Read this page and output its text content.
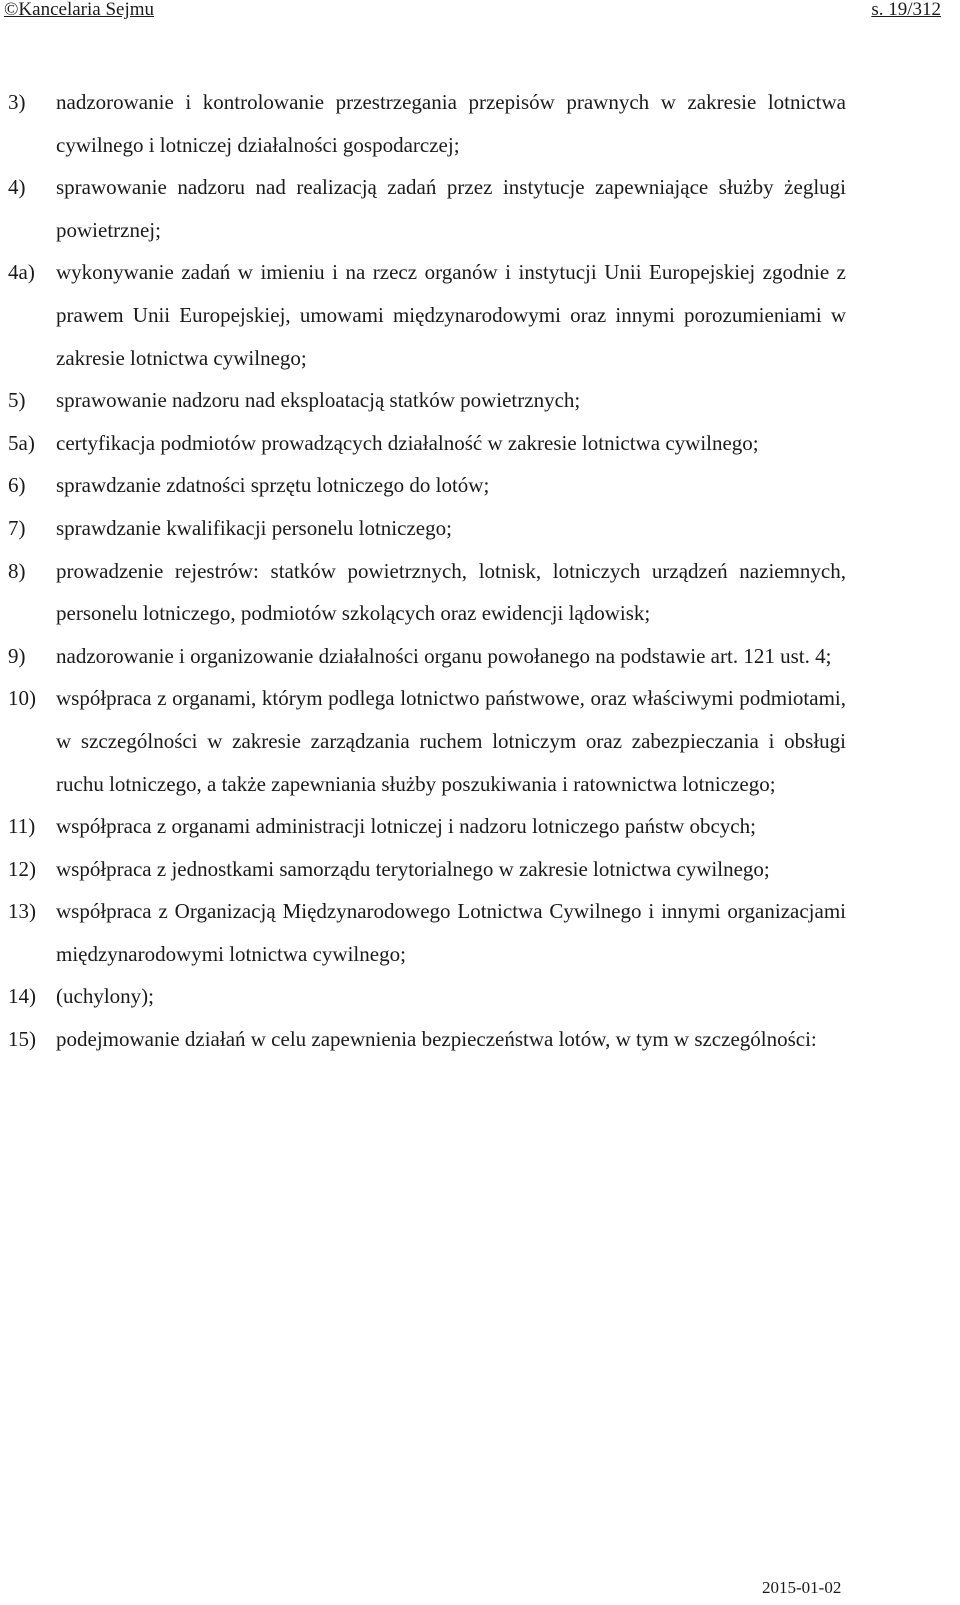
©Kancelaria Sejmu	s. 19/312
3)	nadzorowanie i kontrolowanie przestrzegania przepisów prawnych w zakresie lotnictwa cywilnego i lotniczej działalności gospodarczej;
4)	sprawowanie nadzoru nad realizacją zadań przez instytucje zapewniające służby żeglugi powietrznej;
4a)	wykonywanie zadań w imieniu i na rzecz organów i instytucji Unii Europejskiej zgodnie z prawem Unii Europejskiej, umowami międzynarodowymi oraz innymi porozumieniami w zakresie lotnictwa cywilnego;
5)	sprawowanie nadzoru nad eksploatacją statków powietrznych;
5a)	certyfikacja podmiotów prowadzących działalność w zakresie lotnictwa cywilnego;
6)	sprawdzanie zdatności sprzętu lotniczego do lotów;
7)	sprawdzanie kwalifikacji personelu lotniczego;
8)	prowadzenie rejestrów: statków powietrznych, lotnisk, lotniczych urządzeń naziemnych, personelu lotniczego, podmiotów szkolących oraz ewidencji lądowisk;
9)	nadzorowanie i organizowanie działalności organu powołanego na podstawie art. 121 ust. 4;
10) współpraca z organami, którym podlega lotnictwo państwowe, oraz właściwymi podmiotami, w szczególności w zakresie zarządzania ruchem lotniczym oraz zabezpieczania i obsługi ruchu lotniczego, a także zapewniania służby poszukiwania i ratownictwa lotniczego;
11) współpraca z organami administracji lotniczej i nadzoru lotniczego państw obcych;
12) współpraca z jednostkami samorządu terytorialnego w zakresie lotnictwa cywilnego;
13) współpraca z Organizacją Międzynarodowego Lotnictwa Cywilnego i innymi organizacjami międzynarodowymi lotnictwa cywilnego;
14) (uchylony);
15) podejmowanie działań w celu zapewnienia bezpieczeństwa lotów, w tym w szczególności:
2015-01-02
